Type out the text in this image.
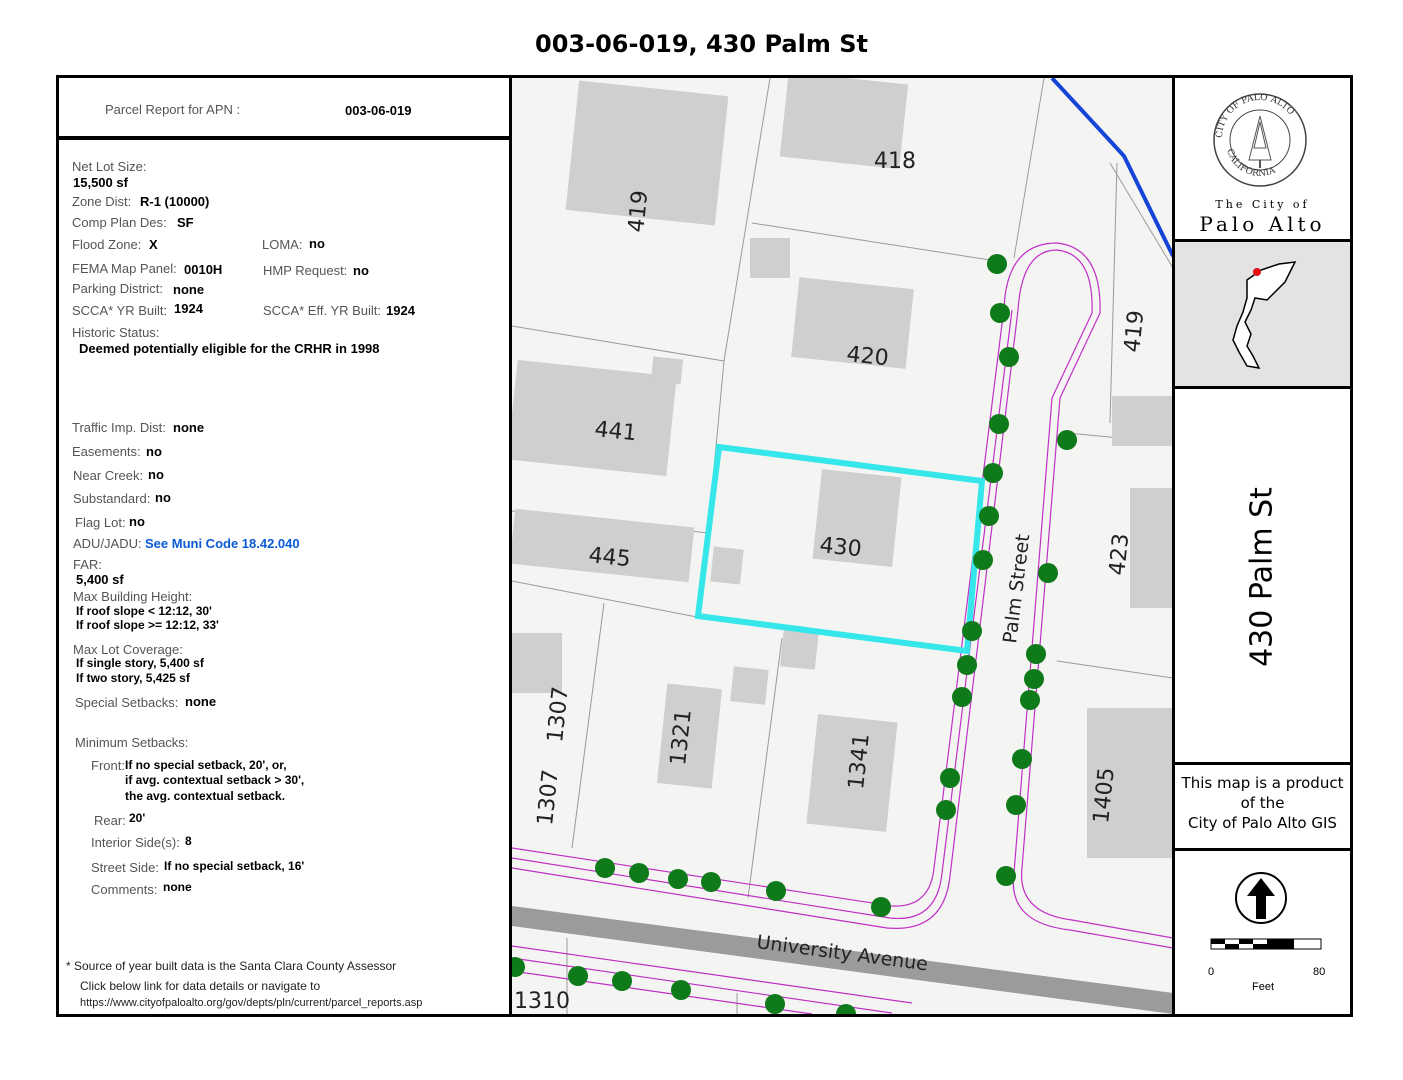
003-06-019, 430 Palm St
Parcel Report for APN :	003-06-019
Net Lot Size:
15,500 sf
Zone Dist: R-1 (10000)
Comp Plan Des: SF
Flood Zone: X	LOMA: no
FEMA Map Panel: 0010H	HMP Request: no
Parking District: none
SCCA* YR Built: 1924	SCCA* Eff. YR Built: 1924
Historic Status:
Deemed potentially eligible for the CRHR in 1998
Traffic Imp. Dist: none
Easements: no
Near Creek: no
Substandard: no
Flag Lot: no
ADU/JADU: See Muni Code 18.42.040
FAR:
5,400 sf
Max Building Height:
If roof slope < 12:12, 30'
If roof slope >= 12:12, 33'
Max Lot Coverage:
If single story, 5,400 sf
If two story, 5,425 sf
Special Setbacks: none
Minimum Setbacks:
Front: If no special setback, 20', or,
if avg. contextual setback > 30',
the avg. contextual setback.
Rear: 20'
Interior Side(s): 8
Street Side: If no special setback, 16'
Comments: none
* Source of year built data is the Santa Clara County Assessor
Click below link for data details or navigate to
https://www.cityofpaloalto.org/gov/depts/pln/current/parcel_reports.asp
418
419
420
441
430
445
419
423
1307
1307
1321	1341
1405
1310
Palm Street
University Avenue
CITY OF PALO ALTO
CALIFORNIA
The City of
Palo Alto
430 Palm St
This map is a product
of the
City of Palo Alto GIS
0	80
Feet
